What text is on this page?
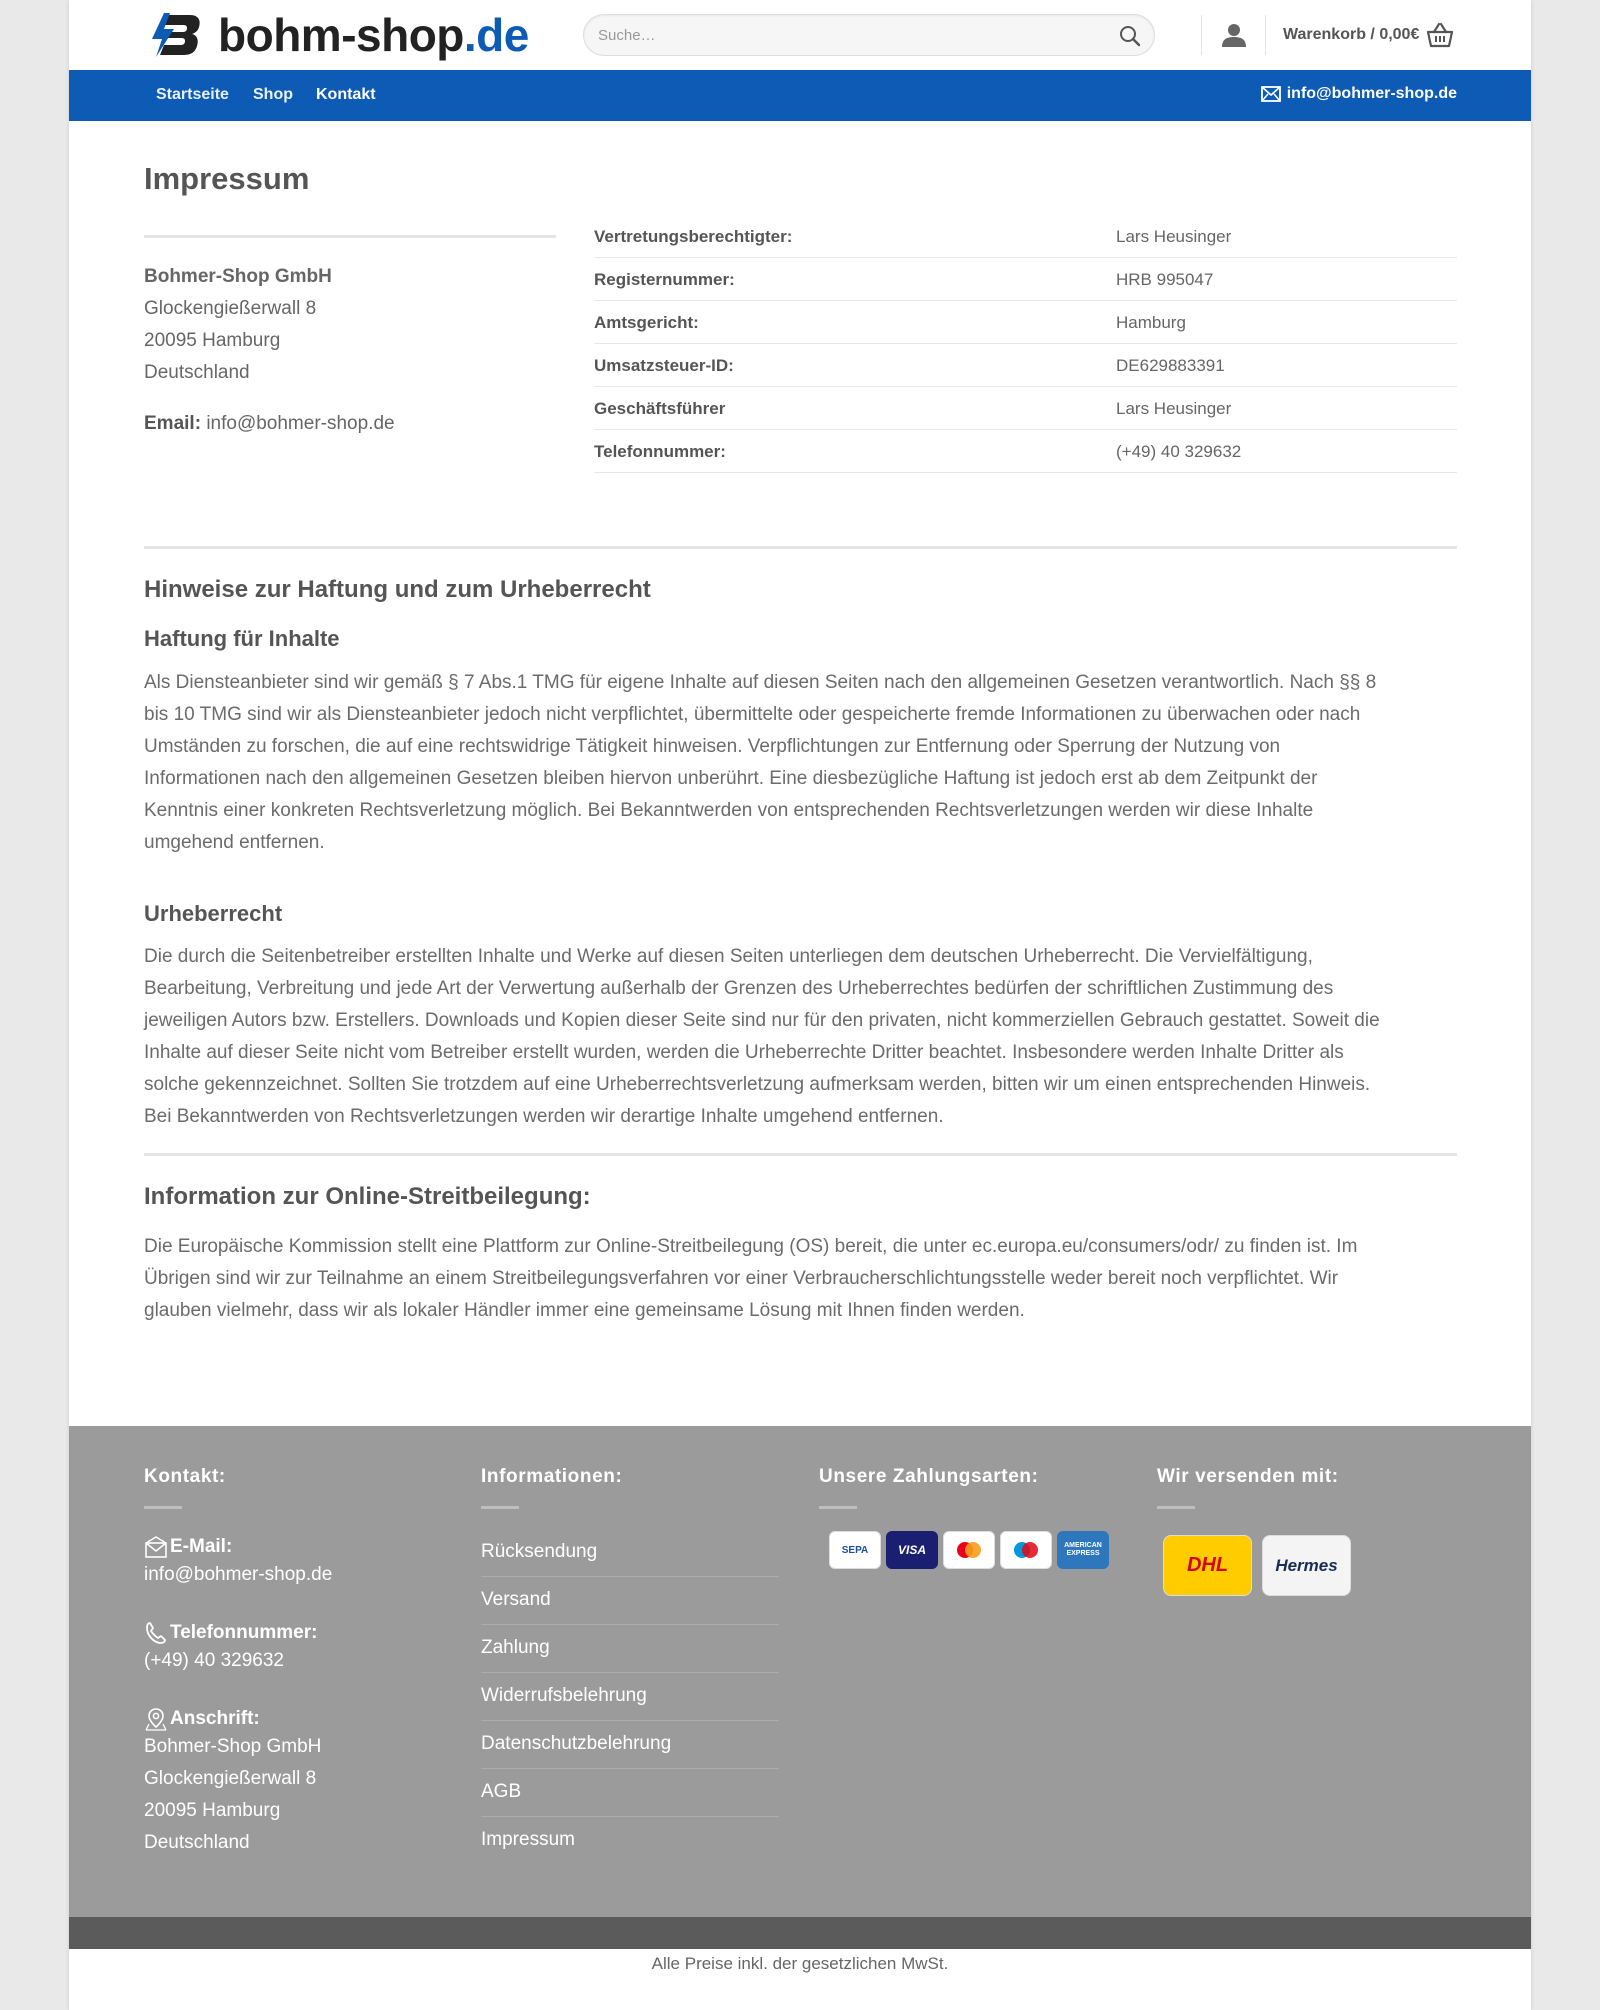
bohm-shop.de
Suche…	Warenkorb / 0,00€
Startseite Shop Kontakt	info@bohmer-shop.de
Impressum
Bohmer-Shop GmbH
Glockengießerwall 8
20095 Hamburg
Deutschland
Email: info@bohmer-shop.de
Vertretungsberechtigter:	Lars Heusinger
Registernummer:	HRB 995047
Amtsgericht:	Hamburg
Umsatzsteuer-ID:	DE629883391
Geschäftsführer	Lars Heusinger
Telefonnummer:	(+49) 40 329632
Hinweise zur Haftung und zum Urheberrecht
Haftung für Inhalte
Als Diensteanbieter sind wir gemäß § 7 Abs.1 TMG für eigene Inhalte auf diesen Seiten nach den allgemeinen Gesetzen verantwortlich. Nach §§ 8
bis 10 TMG sind wir als Diensteanbieter jedoch nicht verpflichtet, übermittelte oder gespeicherte fremde Informationen zu überwachen oder nach
Umständen zu forschen, die auf eine rechtswidrige Tätigkeit hinweisen. Verpflichtungen zur Entfernung oder Sperrung der Nutzung von
Informationen nach den allgemeinen Gesetzen bleiben hiervon unberührt. Eine diesbezügliche Haftung ist jedoch erst ab dem Zeitpunkt der
Kenntnis einer konkreten Rechtsverletzung möglich. Bei Bekanntwerden von entsprechenden Rechtsverletzungen werden wir diese Inhalte
umgehend entfernen.
Urheberrecht
Die durch die Seitenbetreiber erstellten Inhalte und Werke auf diesen Seiten unterliegen dem deutschen Urheberrecht. Die Vervielfältigung,
Bearbeitung, Verbreitung und jede Art der Verwertung außerhalb der Grenzen des Urheberrechtes bedürfen der schriftlichen Zustimmung des
jeweiligen Autors bzw. Erstellers. Downloads und Kopien dieser Seite sind nur für den privaten, nicht kommerziellen Gebrauch gestattet. Soweit die
Inhalte auf dieser Seite nicht vom Betreiber erstellt wurden, werden die Urheberrechte Dritter beachtet. Insbesondere werden Inhalte Dritter als
solche gekennzeichnet. Sollten Sie trotzdem auf eine Urheberrechtsverletzung aufmerksam werden, bitten wir um einen entsprechenden Hinweis.
Bei Bekanntwerden von Rechtsverletzungen werden wir derartige Inhalte umgehend entfernen.
Information zur Online-Streitbeilegung:
Die Europäische Kommission stellt eine Plattform zur Online-Streitbeilegung (OS) bereit, die unter ec.europa.eu/consumers/odr/ zu finden ist. Im
Übrigen sind wir zur Teilnahme an einem Streitbeilegungsverfahren vor einer Verbraucherschlichtungsstelle weder bereit noch verpflichtet. Wir
glauben vielmehr, dass wir als lokaler Händler immer eine gemeinsame Lösung mit Ihnen finden werden.
Kontakt:
E-Mail:
info@bohmer-shop.de
Telefonnummer:
(+49) 40 329632
Anschrift:
Bohmer-Shop GmbH
Glockengießerwall 8
20095 Hamburg
Deutschland
Informationen:
Rücksendung
Versand
Zahlung
Widerrufsbelehrung
Datenschutzbelehrung
AGB
Impressum
Unsere Zahlungsarten:
SEPA	VISA	AMERICAN EXPRESS
Wir versenden mit:
DHL	Hermes
Alle Preise inkl. der gesetzlichen MwSt.
